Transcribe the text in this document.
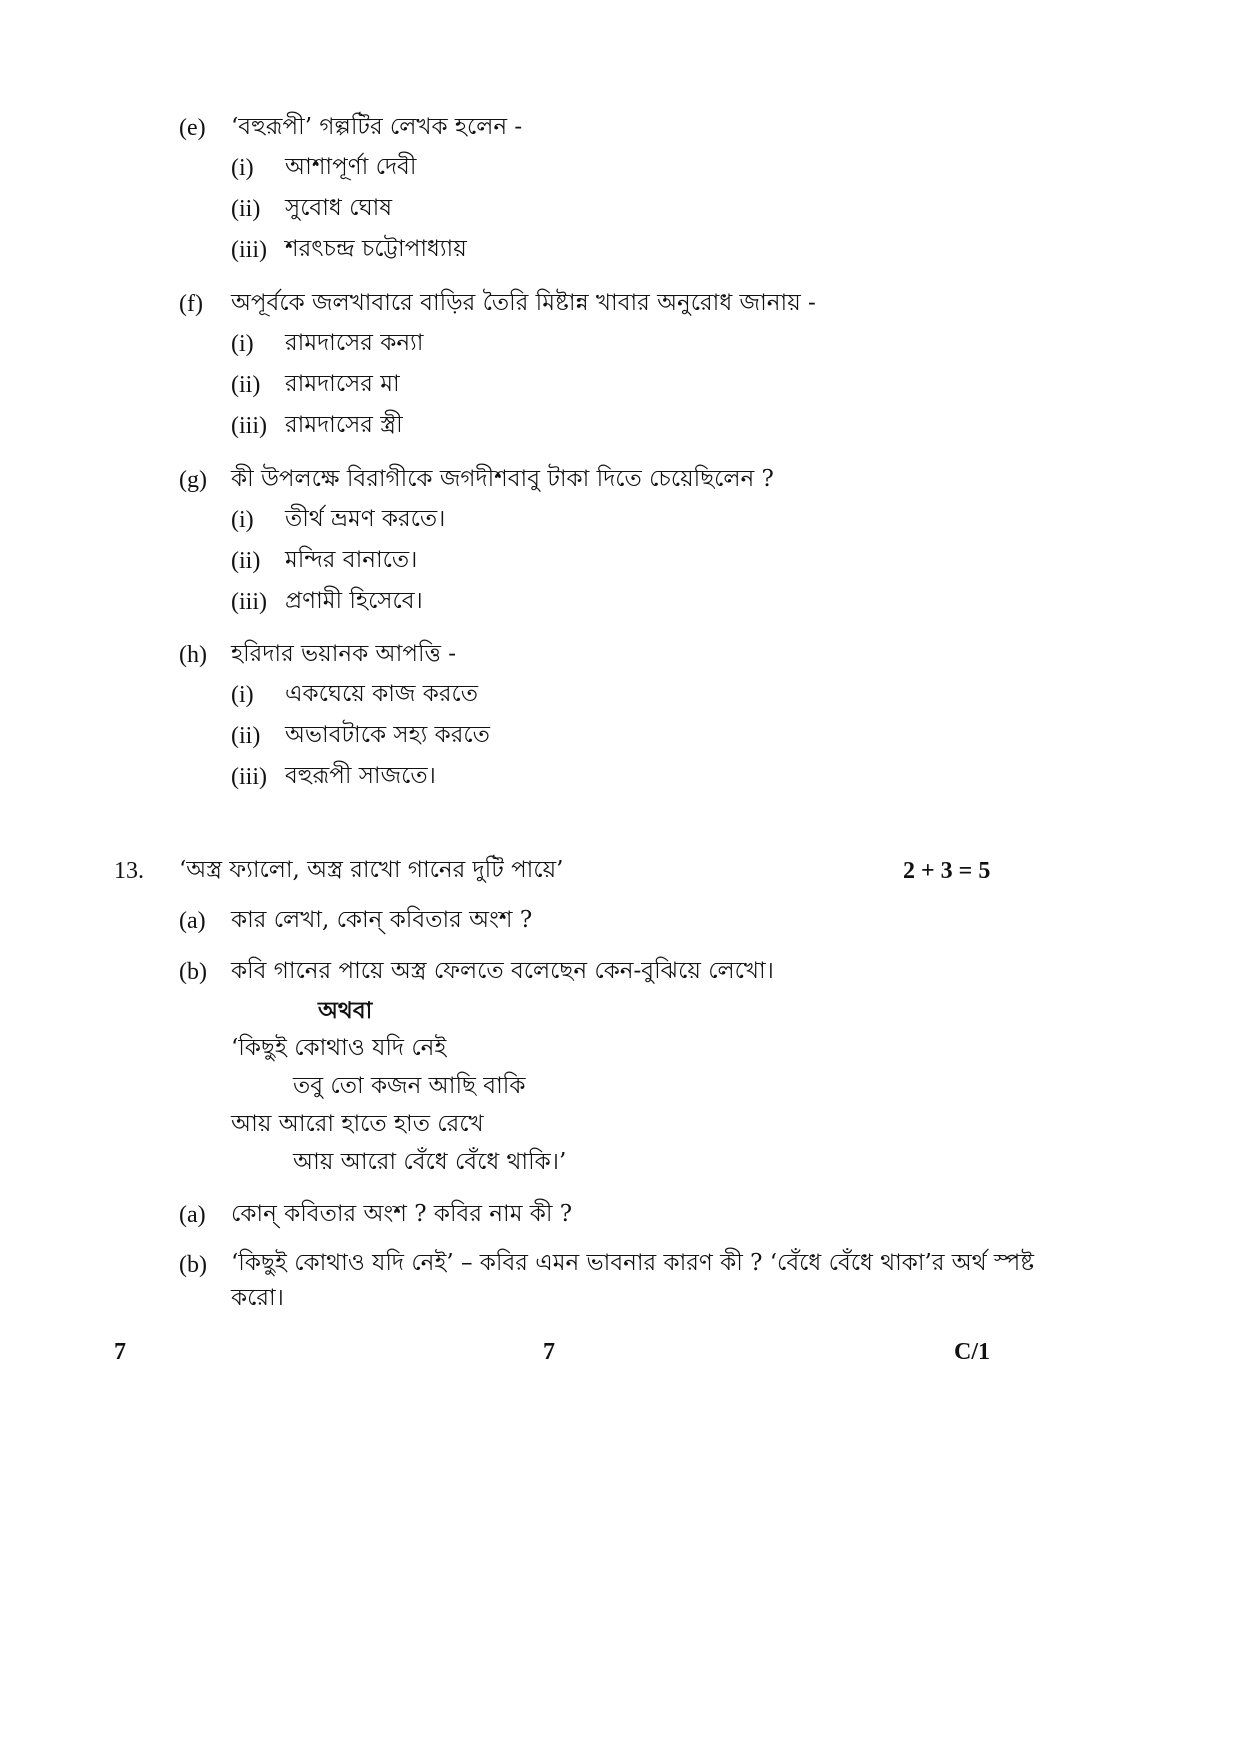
(e) ‘বহুরূপী’ গল্পটির লেখক হলেন -
(i) আশাপূর্ণা দেবী
(ii) সুবোধ ঘোষ
(iii) শরৎচন্দ্র চট্টোপাধ্যায়
(f) অপূর্বকে জলখাবারে বাড়ির তৈরি মিষ্টান্ন খাবার অনুরোধ জানায় -
(i) রামদাসের কন্যা
(ii) রামদাসের মা
(iii) রামদাসের স্ত্রী
(g) কী উপলক্ষে বিরাগীকে জগদীশবাবু টাকা দিতে চেয়েছিলেন ?
(i) তীর্থ ভ্রমণ করতে।
(ii) মন্দির বানাতে।
(iii) প্রণামী হিসেবে।
(h) হরিদার ভয়ানক আপত্তি -
(i) একঘেয়ে কাজ করতে
(ii) অভাবটাকে সহ্য করতে
(iii) বহুরূপী সাজতে।
13. ‘অস্ত্র ফ্যালো, অস্ত্র রাখো গানের দুটি পায়ে’	2 + 3 = 5
(a) কার লেখা, কোন্ কবিতার অংশ ?
(b) কবি গানের পায়ে অস্ত্র ফেলতে বলেছেন কেন-বুঝিয়ে লেখো।
অথবা
‘কিছুই কোথাও যদি নেই
তবু তো কজন আছি বাকি
আয় আরো হাতে হাত রেখে
আয় আরো বেঁধে বেঁধে থাকি।’
(a) কোন্ কবিতার অংশ ? কবির নাম কী ?
(b) ‘কিছুই কোথাও যদি নেই’ – কবির এমন ভাবনার কারণ কী ? ‘বেঁধে বেঁধে থাকা’র অর্থ স্পষ্ট
করো।
7	7	C/1
